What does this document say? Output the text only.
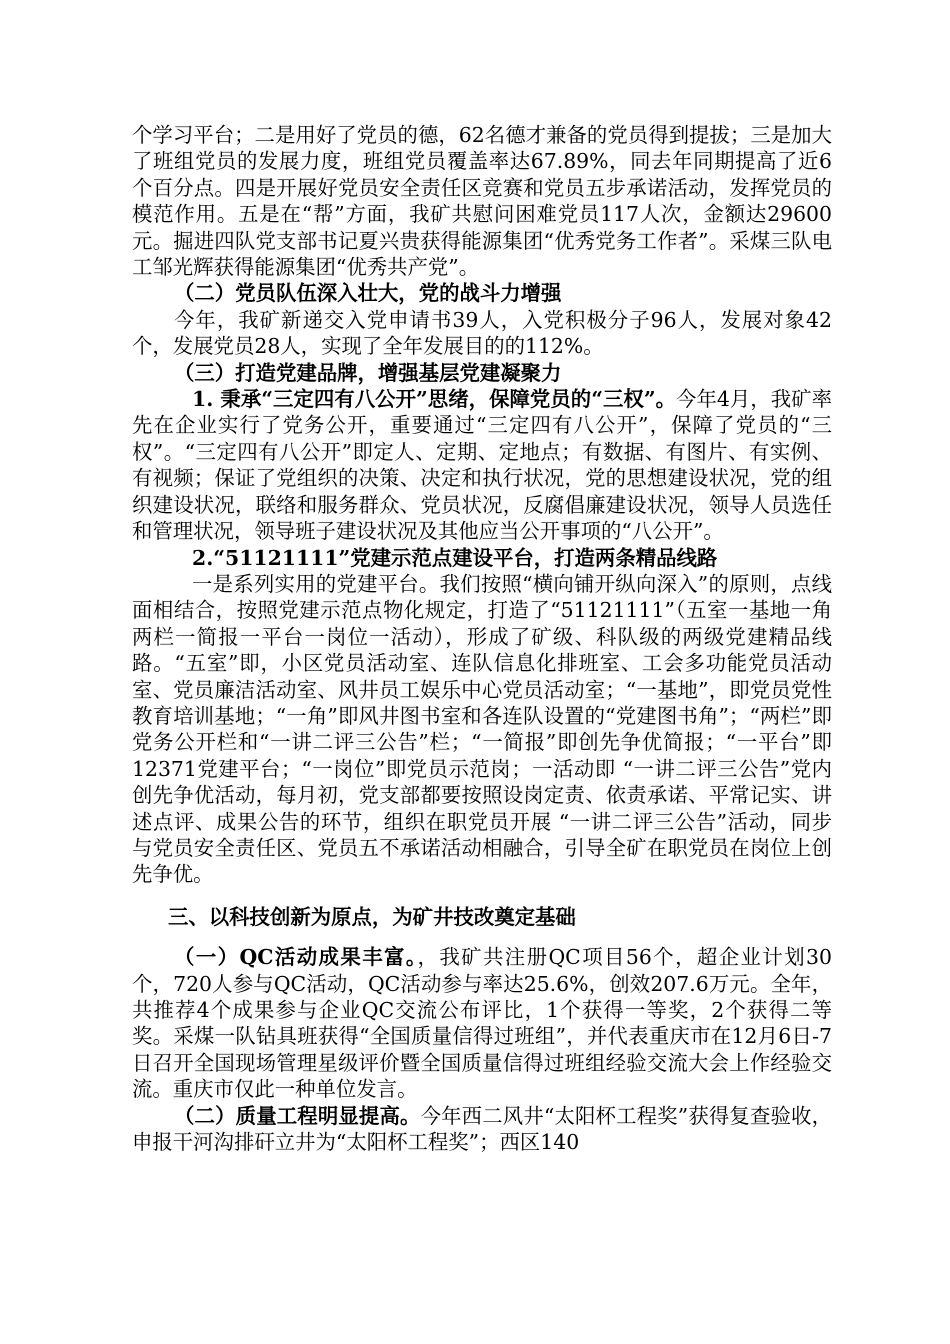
个学习平台；二是用好了党员的德，62名德才兼备的党员得到提拔；三是加大了班组党员的发展力度，班组党员覆盖率达67.89%，同去年同期提高了近6个百分点。四是开展好党员安全责任区竞赛和党员五步承诺活动，发挥党员的模范作用。五是在“帮”方面，我矿共慰问困难党员117人次，金额达29600元。掘进四队党支部书记夏兴贵获得能源集团“优秀党务工作者”。采煤三队电工邹光辉获得能源集团“优秀共产党”。

（二）党员队伍深入壮大，党的战斗力增强

今年，我矿新递交入党申请书39人，入党积极分子96人，发展对象42个，发展党员28人，实现了全年发展目的的112%。

（三）打造党建品牌，增强基层党建凝聚力

1. 秉承“三定四有八公开”思绪，保障党员的“三权”。今年4月，我矿率先在企业实行了党务公开，重要通过“三定四有八公开”，保障了党员的“三权”。“三定四有八公开”即定人、定期、定地点；有数据、有图片、有实例、有视频；保证了党组织的决策、决定和执行状况，党的思想建设状况，党的组织建设状况，联络和服务群众、党员状况，反腐倡廉建设状况，领导人员选任和管理状况，领导班子建设状况及其他应当公开事项的“八公开”。

2.“51121111”党建示范点建设平台，打造两条精品线路

一是系列实用的党建平台。我们按照“横向铺开纵向深入”的原则，点线面相结合，按照党建示范点物化规定，打造了“51121111”（五室一基地一角两栏一简报一平台一岗位一活动），形成了矿级、科队级的两级党建精品线路。“五室”即，小区党员活动室、连队信息化排班室、工会多功能党员活动室、党员廉洁活动室、风井员工娱乐中心党员活动室；“一基地”，即党员党性教育培训基地；“一角”即风井图书室和各连队设置的“党建图书角”；“两栏”即党务公开栏和“一讲二评三公告”栏；“一简报”即创先争优简报；“一平台”即12371党建平台；“一岗位”即党员示范岗；一活动即 “一讲二评三公告”党内创先争优活动，每月初，党支部都要按照设岗定责、依责承诺、平常记实、讲述点评、成果公告的环节，组织在职党员开展 “一讲二评三公告”活动，同步与党员安全责任区、党员五不承诺活动相融合，引导全矿在职党员在岗位上创先争优。

三、以科技创新为原点，为矿井技改奠定基础

（一）QC活动成果丰富。，我矿共注册QC项目56个，超企业计划30个，720人参与QC活动，QC活动参与率达25.6%，创效207.6万元。全年，共推荐4个成果参与企业QC交流公布评比，1个获得一等奖，2个获得二等奖。采煤一队钻具班获得“全国质量信得过班组”，并代表重庆市在12月6日-7日召开全国现场管理星级评价暨全国质量信得过班组经验交流大会上作经验交流。重庆市仅此一种单位发言。

（二）质量工程明显提高。今年西二风井“太阳杯工程奖”获得复查验收，申报干河沟排矸立井为“太阳杯工程奖”；西区140
